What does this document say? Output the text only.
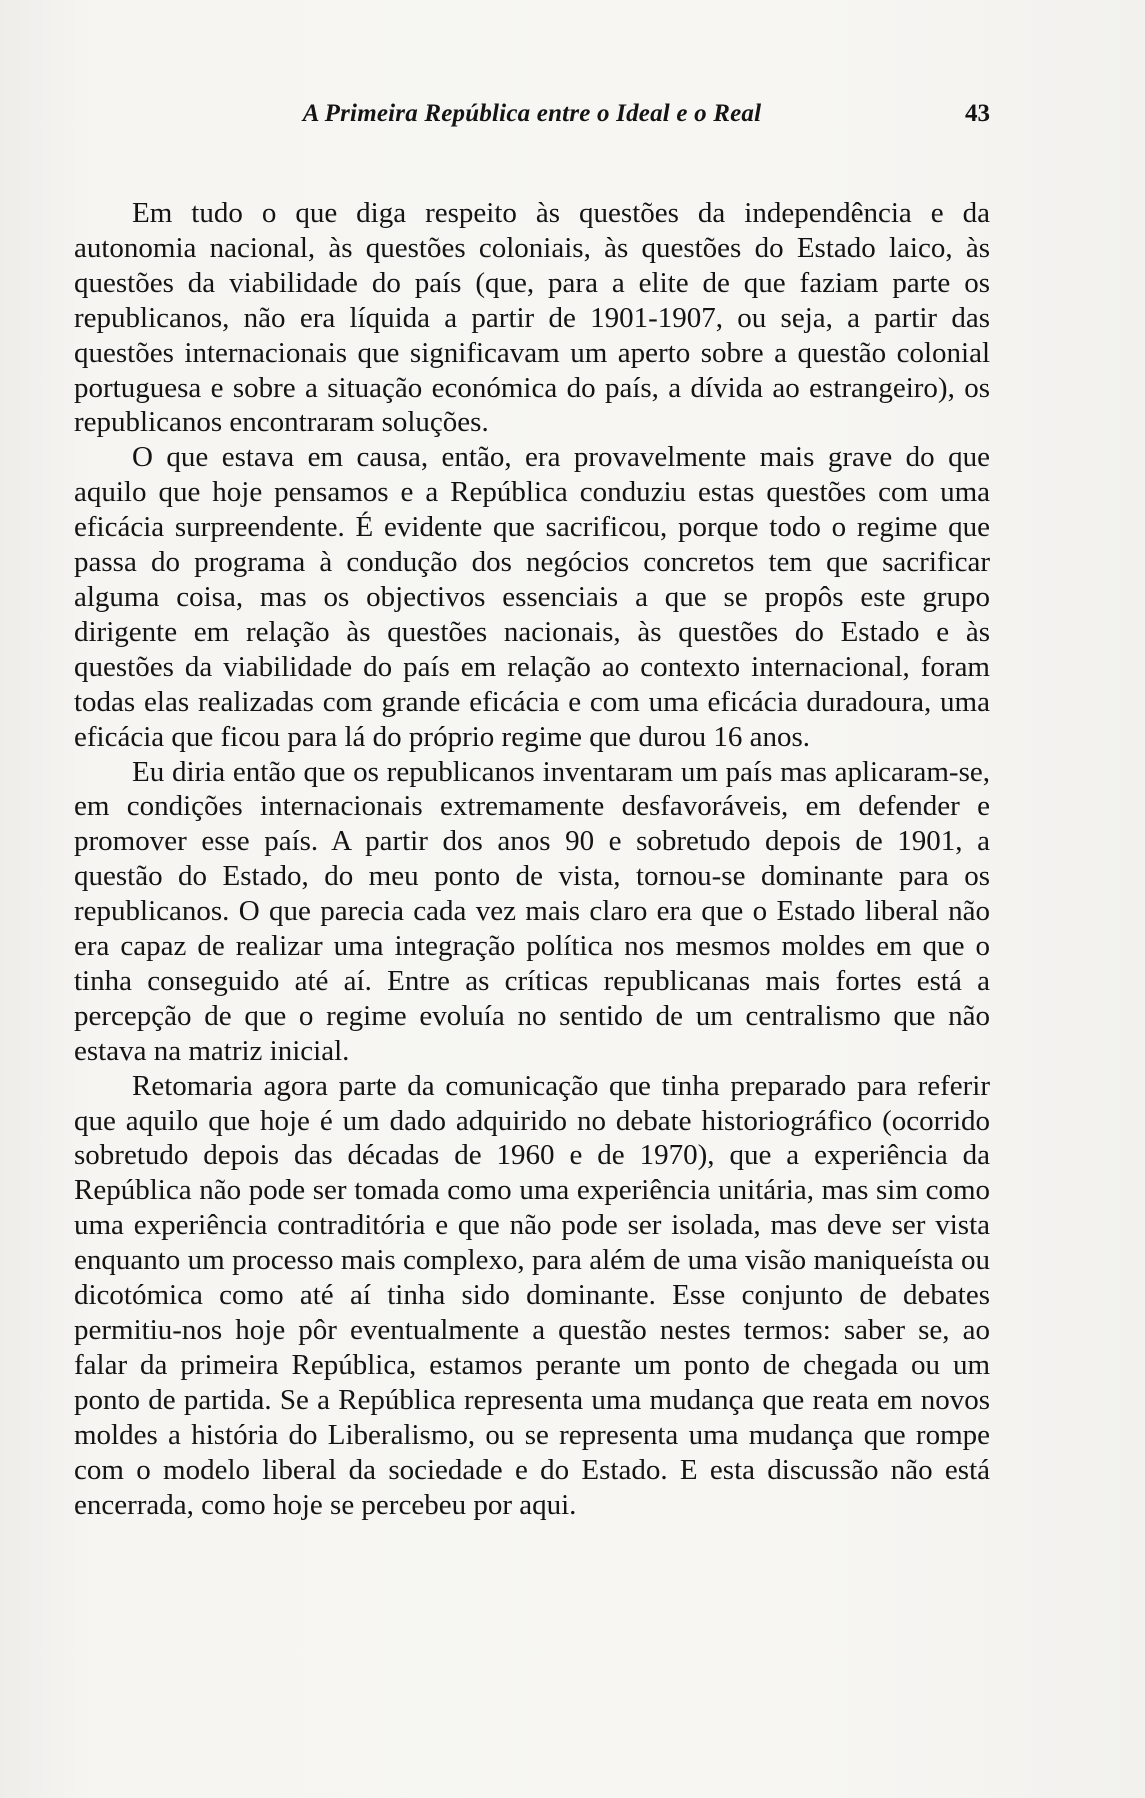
A Primeira República entre o Ideal e o Real	43

Em tudo o que diga respeito às questões da independência e da autonomia nacional, às questões coloniais, às questões do Estado laico, às questões da viabilidade do país (que, para a elite de que faziam parte os republicanos, não era líquida a partir de 1901-1907, ou seja, a partir das questões internacionais que significavam um aperto sobre a questão colonial portuguesa e sobre a situação económica do país, a dívida ao estrangeiro), os republicanos encontraram soluções.

O que estava em causa, então, era provavelmente mais grave do que aquilo que hoje pensamos e a República conduziu estas questões com uma eficácia surpreendente. É evidente que sacrificou, porque todo o regime que passa do programa à condução dos negócios concretos tem que sacrificar alguma coisa, mas os objectivos essenciais a que se propôs este grupo dirigente em relação às questões nacionais, às questões do Estado e às questões da viabilidade do país em relação ao contexto internacional, foram todas elas realizadas com grande eficácia e com uma eficácia duradoura, uma eficácia que ficou para lá do próprio regime que durou 16 anos.

Eu diria então que os republicanos inventaram um país mas aplicaram-se, em condições internacionais extremamente desfavoráveis, em defender e promover esse país. A partir dos anos 90 e sobretudo depois de 1901, a questão do Estado, do meu ponto de vista, tornou-se dominante para os republicanos. O que parecia cada vez mais claro era que o Estado liberal não era capaz de realizar uma integração política nos mesmos moldes em que o tinha conseguido até aí. Entre as críticas republicanas mais fortes está a percepção de que o regime evoluía no sentido de um centralismo que não estava na matriz inicial.

Retomaria agora parte da comunicação que tinha preparado para referir que aquilo que hoje é um dado adquirido no debate historiográfico (ocorrido sobretudo depois das décadas de 1960 e de 1970), que a experiência da República não pode ser tomada como uma experiência unitária, mas sim como uma experiência contraditória e que não pode ser isolada, mas deve ser vista enquanto um processo mais complexo, para além de uma visão maniqueísta ou dicotómica como até aí tinha sido dominante. Esse conjunto de debates permitiu-nos hoje pôr eventualmente a questão nestes termos: saber se, ao falar da primeira República, estamos perante um ponto de chegada ou um ponto de partida. Se a República representa uma mudança que reata em novos moldes a história do Liberalismo, ou se representa uma mudança que rompe com o modelo liberal da sociedade e do Estado. E esta discussão não está encerrada, como hoje se percebeu por aqui.
